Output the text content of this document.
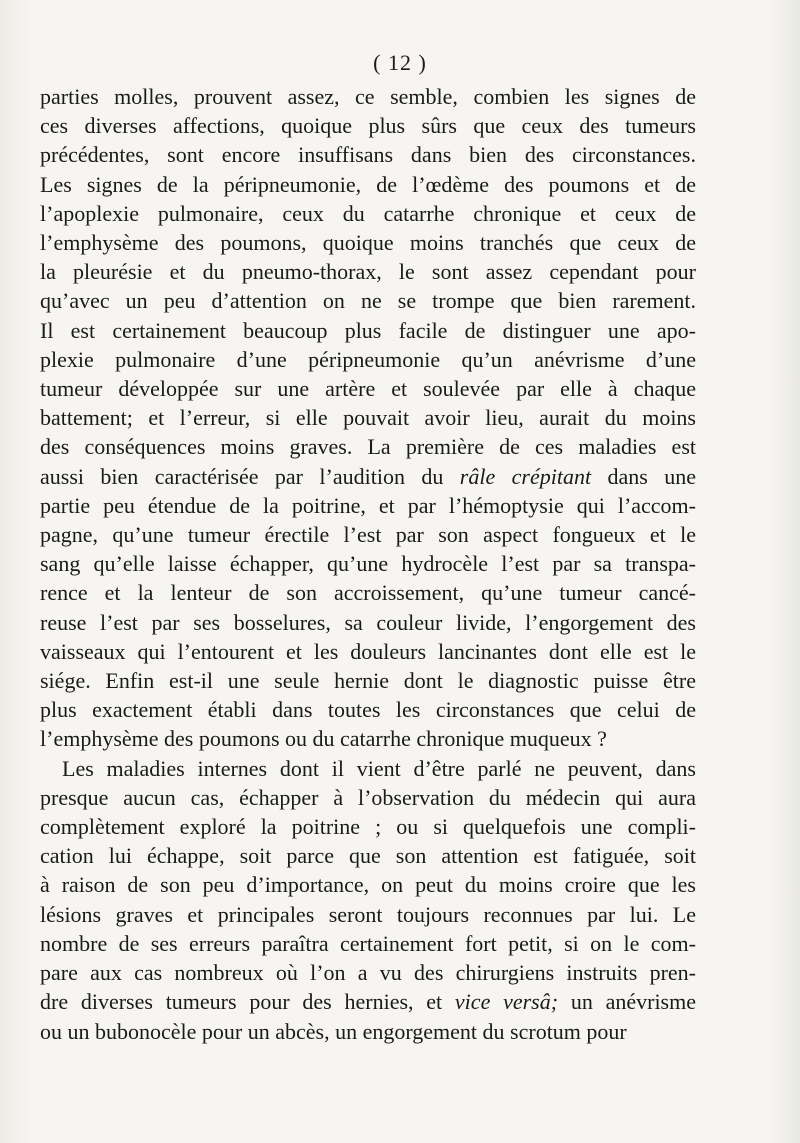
( 12 )
parties molles, prouvent assez, ce semble, combien les signes de
ces diverses affections, quoique plus sûrs que ceux des tumeurs
précédentes, sont encore insuffisans dans bien des circonstances.
Les signes de la péripneumonie, de l’œdème des poumons et de
l’apoplexie pulmonaire, ceux du catarrhe chronique et ceux de
l’emphysème des poumons, quoique moins tranchés que ceux de
la pleurésie et du pneumo-thorax, le sont assez cependant pour
qu’avec un peu d’attention on ne se trompe que bien rarement.
Il est certainement beaucoup plus facile de distinguer une apo-
plexie pulmonaire d’une péripneumonie qu’un anévrisme d’une
tumeur développée sur une artère et soulevée par elle à chaque
battement; et l’erreur, si elle pouvait avoir lieu, aurait du moins
des conséquences moins graves. La première de ces maladies est
aussi bien caractérisée par l’audition du râle crépitant dans une
partie peu étendue de la poitrine, et par l’hémoptysie qui l’accom-
pagne, qu’une tumeur érectile l’est par son aspect fongueux et le
sang qu’elle laisse échapper, qu’une hydrocèle l’est par sa transpa-
rence et la lenteur de son accroissement, qu’une tumeur cancé-
reuse l’est par ses bosselures, sa couleur livide, l’engorgement des
vaisseaux qui l’entourent et les douleurs lancinantes dont elle est le
siége. Enfin est-il une seule hernie dont le diagnostic puisse être
plus exactement établi dans toutes les circonstances que celui de
l’emphysème des poumons ou du catarrhe chronique muqueux ?
Les maladies internes dont il vient d’être parlé ne peuvent, dans
presque aucun cas, échapper à l’observation du médecin qui aura
complètement exploré la poitrine ; ou si quelquefois une compli-
cation lui échappe, soit parce que son attention est fatiguée, soit
à raison de son peu d’importance, on peut du moins croire que les
lésions graves et principales seront toujours reconnues par lui. Le
nombre de ses erreurs paraîtra certainement fort petit, si on le com-
pare aux cas nombreux où l’on a vu des chirurgiens instruits pren-
dre diverses tumeurs pour des hernies, et vice versâ; un anévrisme
ou un bubonocèle pour un abcès, un engorgement du scrotum pour
